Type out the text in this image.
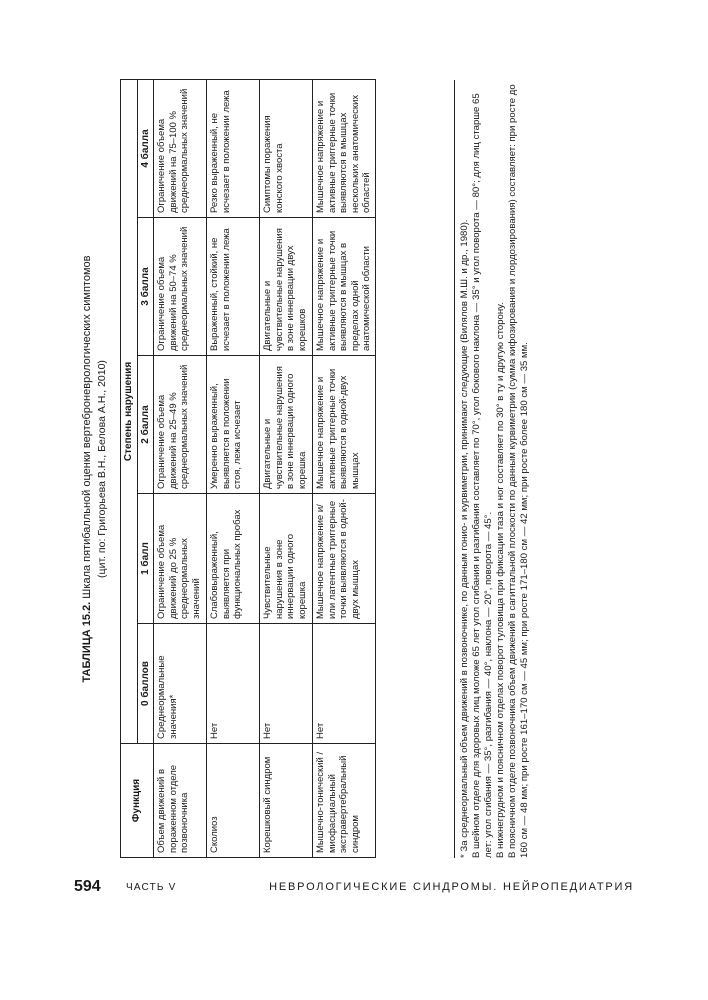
594	ЧАСТЬ V	НЕВРОЛОГИЧЕСКИЕ СИНДРОМЫ. НЕЙРОПЕДИАТРИЯ
ТАБЛИЦА 15.2. Шкала пятибалльной оценки вертеброневрологических симптомов (цит. по: Григорьева В.Н., Белова А.Н., 2010)
Функция	Степень нарушения				
	0 баллов	1 балл	2 балла	3 балла	4 балла
Объем движений в пораженном отделе позвоночника	Среднеормальные значения*	Ограничение объема движений до 25 % среднеормальных значений	Ограничение объема движений на 25–49 % среднеормальных значений	Ограничение объема движений на 50–74 % среднеормальных значений	Ограничение объема движений на 75–100 % среднеормальных значений
Сколиоз	Нет	Слабовыраженный, выявляется при функциональных пробах	Умеренно выраженный, выявляется в положении стоя, лежа исчезает	Выраженный, стойкий, не исчезает в положении лежа	Резко выраженный, не исчезает в положении лежа
Корешковый синдром	Нет	Чувствительные нарушения в зоне иннервации одного корешка	Двигательные и чувствительные нарушения в зоне иннервации одного корешка	Двигательные и чувствительные нарушения в зоне иннервации двух корешков	Симптомы поражения конского хвоста
Мышечно-тонический / миофасциальный экстравертебральный синдром	Нет	Мышечное напряжение и/или латентные триггерные точки выявляются в одной-двух мышцах	Мышечное напряжение и активные триггерные точки выявляются в одной-двух мышцах	Мышечное напряжение и активные триггерные точки выявляются в мышцах в пределах одной анатомической области	Мышечное напряжение и активные триггерные точки выявляются в мышцах нескольких анатомических областей

* За среднеормальный объем движений в позвоночнике, по данным гонио- и курвиметрии, принимают следующие (Вилялов М.Ш. и др., 1980). В шейном отделе для здоровых лиц моложе 65 лет угол сгибания и разгибания составляет по 70°, угол бокового наклона — 35° и угол поворота — 80°; для лиц старше 65 лет: угол сгибания — 35°, разгибания — 40°, наклона — 20°, поворота — 45°. В нижнегрудном и поясничном отделах поворот туловища при фиксации таза и ног составляет по 30° в ту и другую сторону. В поясничном отделе позвоночника объем движений в сагиттальной плоскости по данным курвиметрии (сумма кифозирования и лордозирования) составляет: при росте до 160 см — 48 мм; при росте 161–170 см — 45 мм; при росте 171–180 см — 42 мм; при росте более 180 см — 35 мм.
